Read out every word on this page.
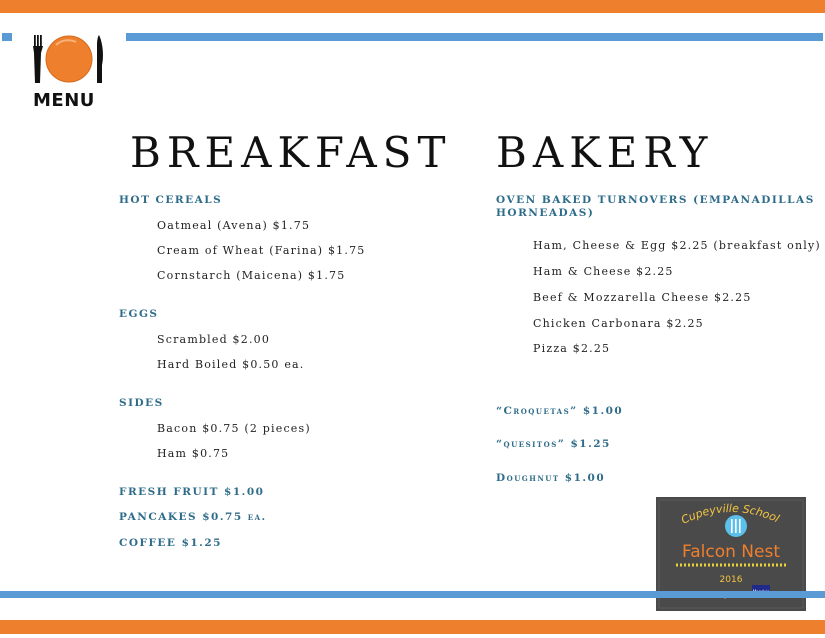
MENU
BREAKFAST BAKERY
HOT CEREALS
Oatmeal (Avena) $1.75
Cream of Wheat (Farina) $1.75
Cornstarch (Maicena) $1.75
EGGS
Scrambled $2.00
Hard Boiled $0.50 ea.
SIDES
Bacon $0.75 (2 pieces)
Ham $0.75
FRESH FRUIT $1.00
PANCAKES $0.75 ea.
COFFEE $1.25
OVEN BAKED TURNOVERS (EMPANADILLAS
HORNEADAS)
Ham, Cheese & Egg $2.25 (breakfast only)
Ham & Cheese $2.25
Beef & Mozzarella Cheese $2.25
Chicken Carbonara $2.25
Pizza $2.25
“Croquetas” $1.00
“quesitos” $1.25
Doughnut $1.00
Cupeyville School
Falcon Nest
2016
